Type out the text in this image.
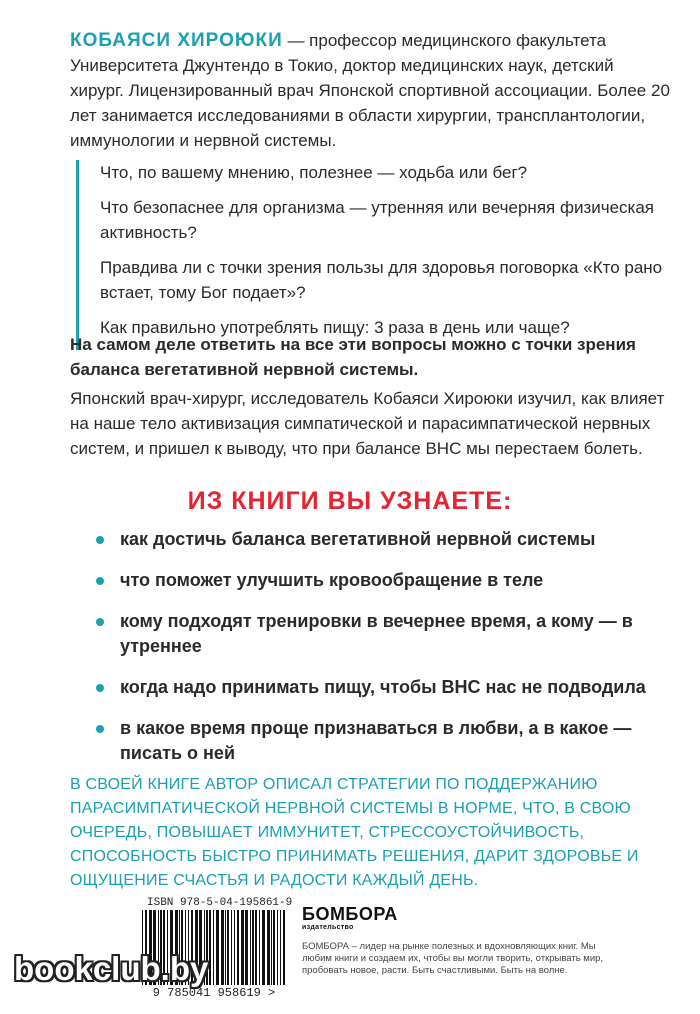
КОБАЯСИ ХИРОЮКИ — профессор медицинского факультета Университета Джунтендо в Токио, доктор медицинских наук, детский хирург. Лицензированный врач Японской спортивной ассоциации. Более 20 лет занимается исследованиями в области хирургии, трансплантологии, иммунологии и нервной системы.

Что, по вашему мнению, полезнее — ходьба или бег?

Что безопаснее для организма — утренняя или вечерняя физическая активность?

Правдива ли с точки зрения пользы для здоровья поговорка «Кто рано встает, тому Бог подает»?

Как правильно употреблять пищу: 3 раза в день или чаще?

На самом деле ответить на все эти вопросы можно с точки зрения баланса вегетативной нервной системы.
Японский врач-хирург, исследователь Кобаяси Хироюки изучил, как влияет на наше тело активизация симпатической и парасимпатической нервных систем, и пришел к выводу, что при балансе ВНС мы перестаем болеть.
ИЗ КНИГИ ВЫ УЗНАЕТЕ:
как достичь баланса вегетативной нервной системы
что поможет улучшить кровообращение в теле
кому подходят тренировки в вечернее время, а кому — в утреннее
когда надо принимать пищу, чтобы ВНС нас не подводила
в какое время проще признаваться в любви, а в какое — писать о ней
В СВОЕЙ КНИГЕ АВТОР ОПИСАЛ СТРАТЕГИИ ПО ПОДДЕРЖАНИЮ ПАРАСИМПАТИЧЕСКОЙ НЕРВНОЙ СИСТЕМЫ В НОРМЕ, ЧТО, В СВОЮ ОЧЕРЕДЬ, ПОВЫШАЕТ ИММУНИТЕТ, СТРЕССОУСТОЙЧИВОСТЬ, СПОСОБНОСТЬ БЫСТРО ПРИНИМАТЬ РЕШЕНИЯ, ДАРИТ ЗДОРОВЬЕ И ОЩУЩЕНИЕ СЧАСТЬЯ И РАДОСТИ КАЖДЫЙ ДЕНЬ.
ISBN 978-5-04-195861-9
9 785041 958619 >
БОМБОРА
издательство
БОМБОРА – лидер на рынке полезных и вдохновляющих книг. Мы любим книги и создаем их, чтобы вы могли творить, открывать мир, пробовать новое, расти. Быть счастливыми. Быть на волне.
bookclub.by
